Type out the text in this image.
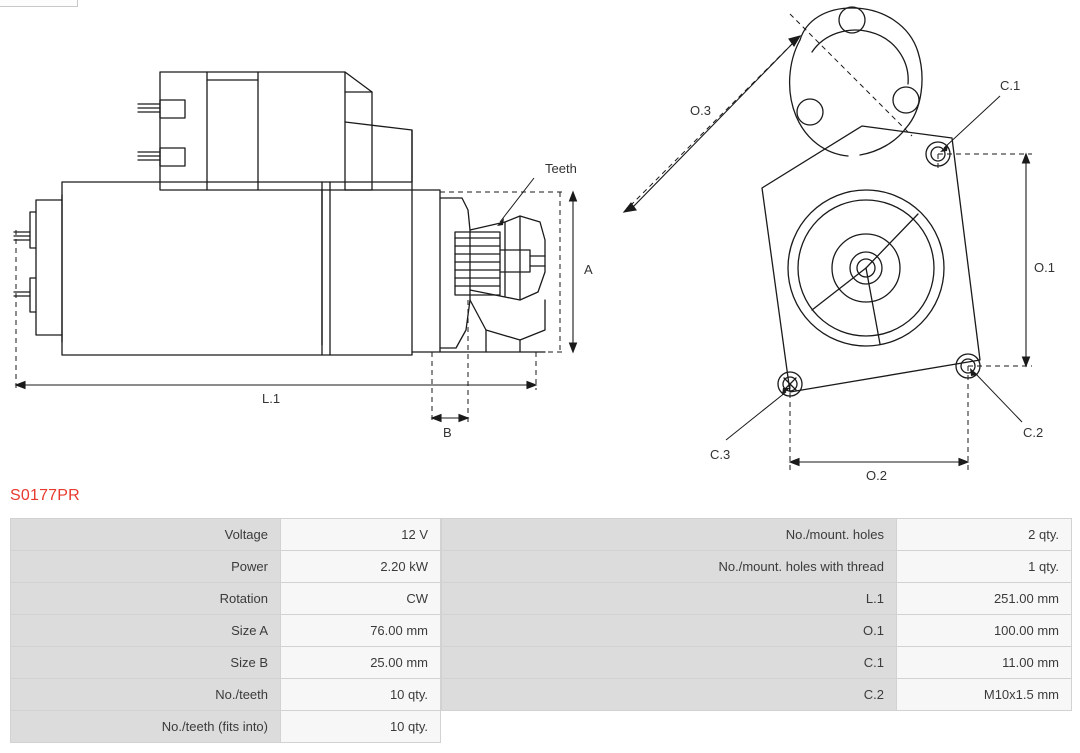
Teeth
A
L.1
B
O.3
O.1
O.2
C.1
C.2
C.3
S0177PR
Voltage	12 V
Power	2.20 kW
Rotation	CW
Size A	76.00 mm
Size B	25.00 mm
No./teeth	10 qty.
No./teeth (fits into)	10 qty.
No./mount. holes	2 qty.
No./mount. holes with thread	1 qty.
L.1	251.00 mm
O.1	100.00 mm
C.1	11.00 mm
C.2	M10x1.5 mm
